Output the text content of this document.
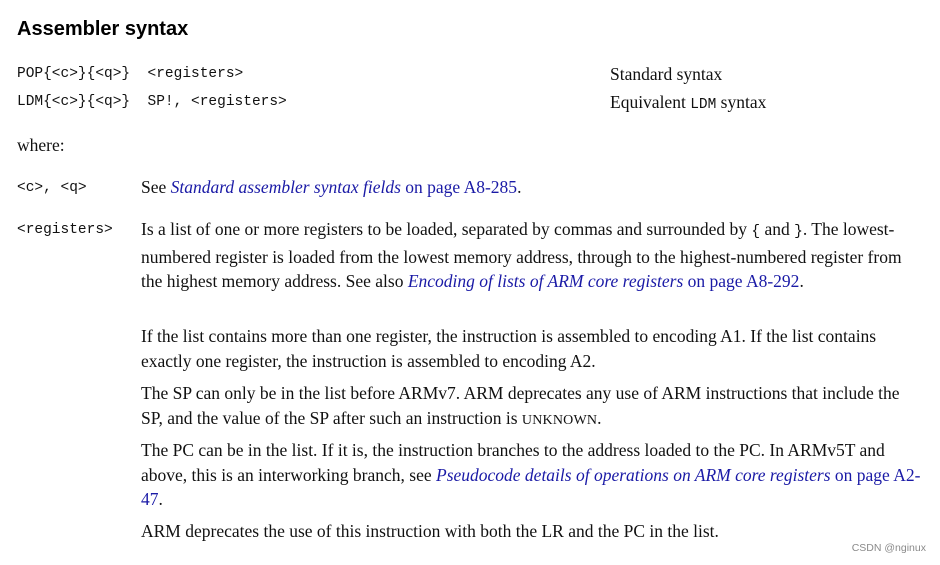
Assembler syntax
POP{<c>}{<q>}  <registers>	Standard syntax
LDM{<c>}{<q>}  SP!, <registers>	Equivalent LDM syntax
where:
<c>, <q>	See Standard assembler syntax fields on page A8-285.

<registers> Is a list of one or more registers to be loaded, separated by commas and surrounded by { and }. The lowest-numbered register is loaded from the lowest memory address, through to the highest-numbered register from the highest memory address. See also Encoding of lists of ARM core registers on page A8-292.

If the list contains more than one register, the instruction is assembled to encoding A1. If the list contains exactly one register, the instruction is assembled to encoding A2.

The SP can only be in the list before ARMv7. ARM deprecates any use of ARM instructions that include the SP, and the value of the SP after such an instruction is UNKNOWN.

The PC can be in the list. If it is, the instruction branches to the address loaded to the PC. In ARMv5T and above, this is an interworking branch, see Pseudocode details of operations on ARM core registers on page A2-47.

ARM deprecates the use of this instruction with both the LR and the PC in the list.

CSDN @nginux
